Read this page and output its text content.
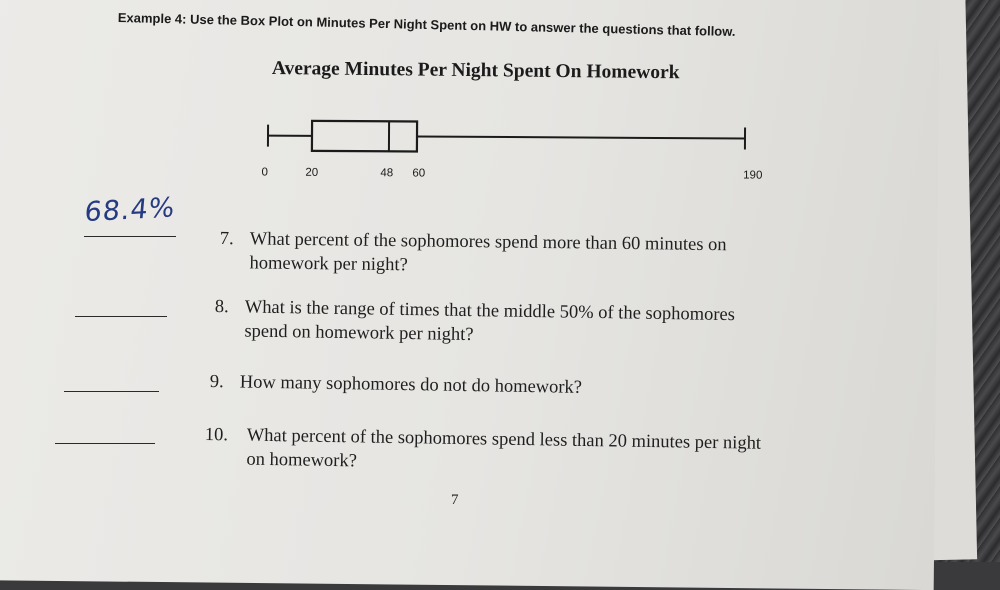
Example 4: Use the Box Plot on Minutes Per Night Spent on HW to answer the questions that follow.
Average Minutes Per Night Spent On Homework
0	20	48 60	190
68.4%
7. What percent of the sophomores spend more than 60 minutes on
homework per night?
8. What is the range of times that the middle 50% of the sophomores
spend on homework per night?
9. How many sophomores do not do homework?
10. What percent of the sophomores spend less than 20 minutes per night
on homework?
7
